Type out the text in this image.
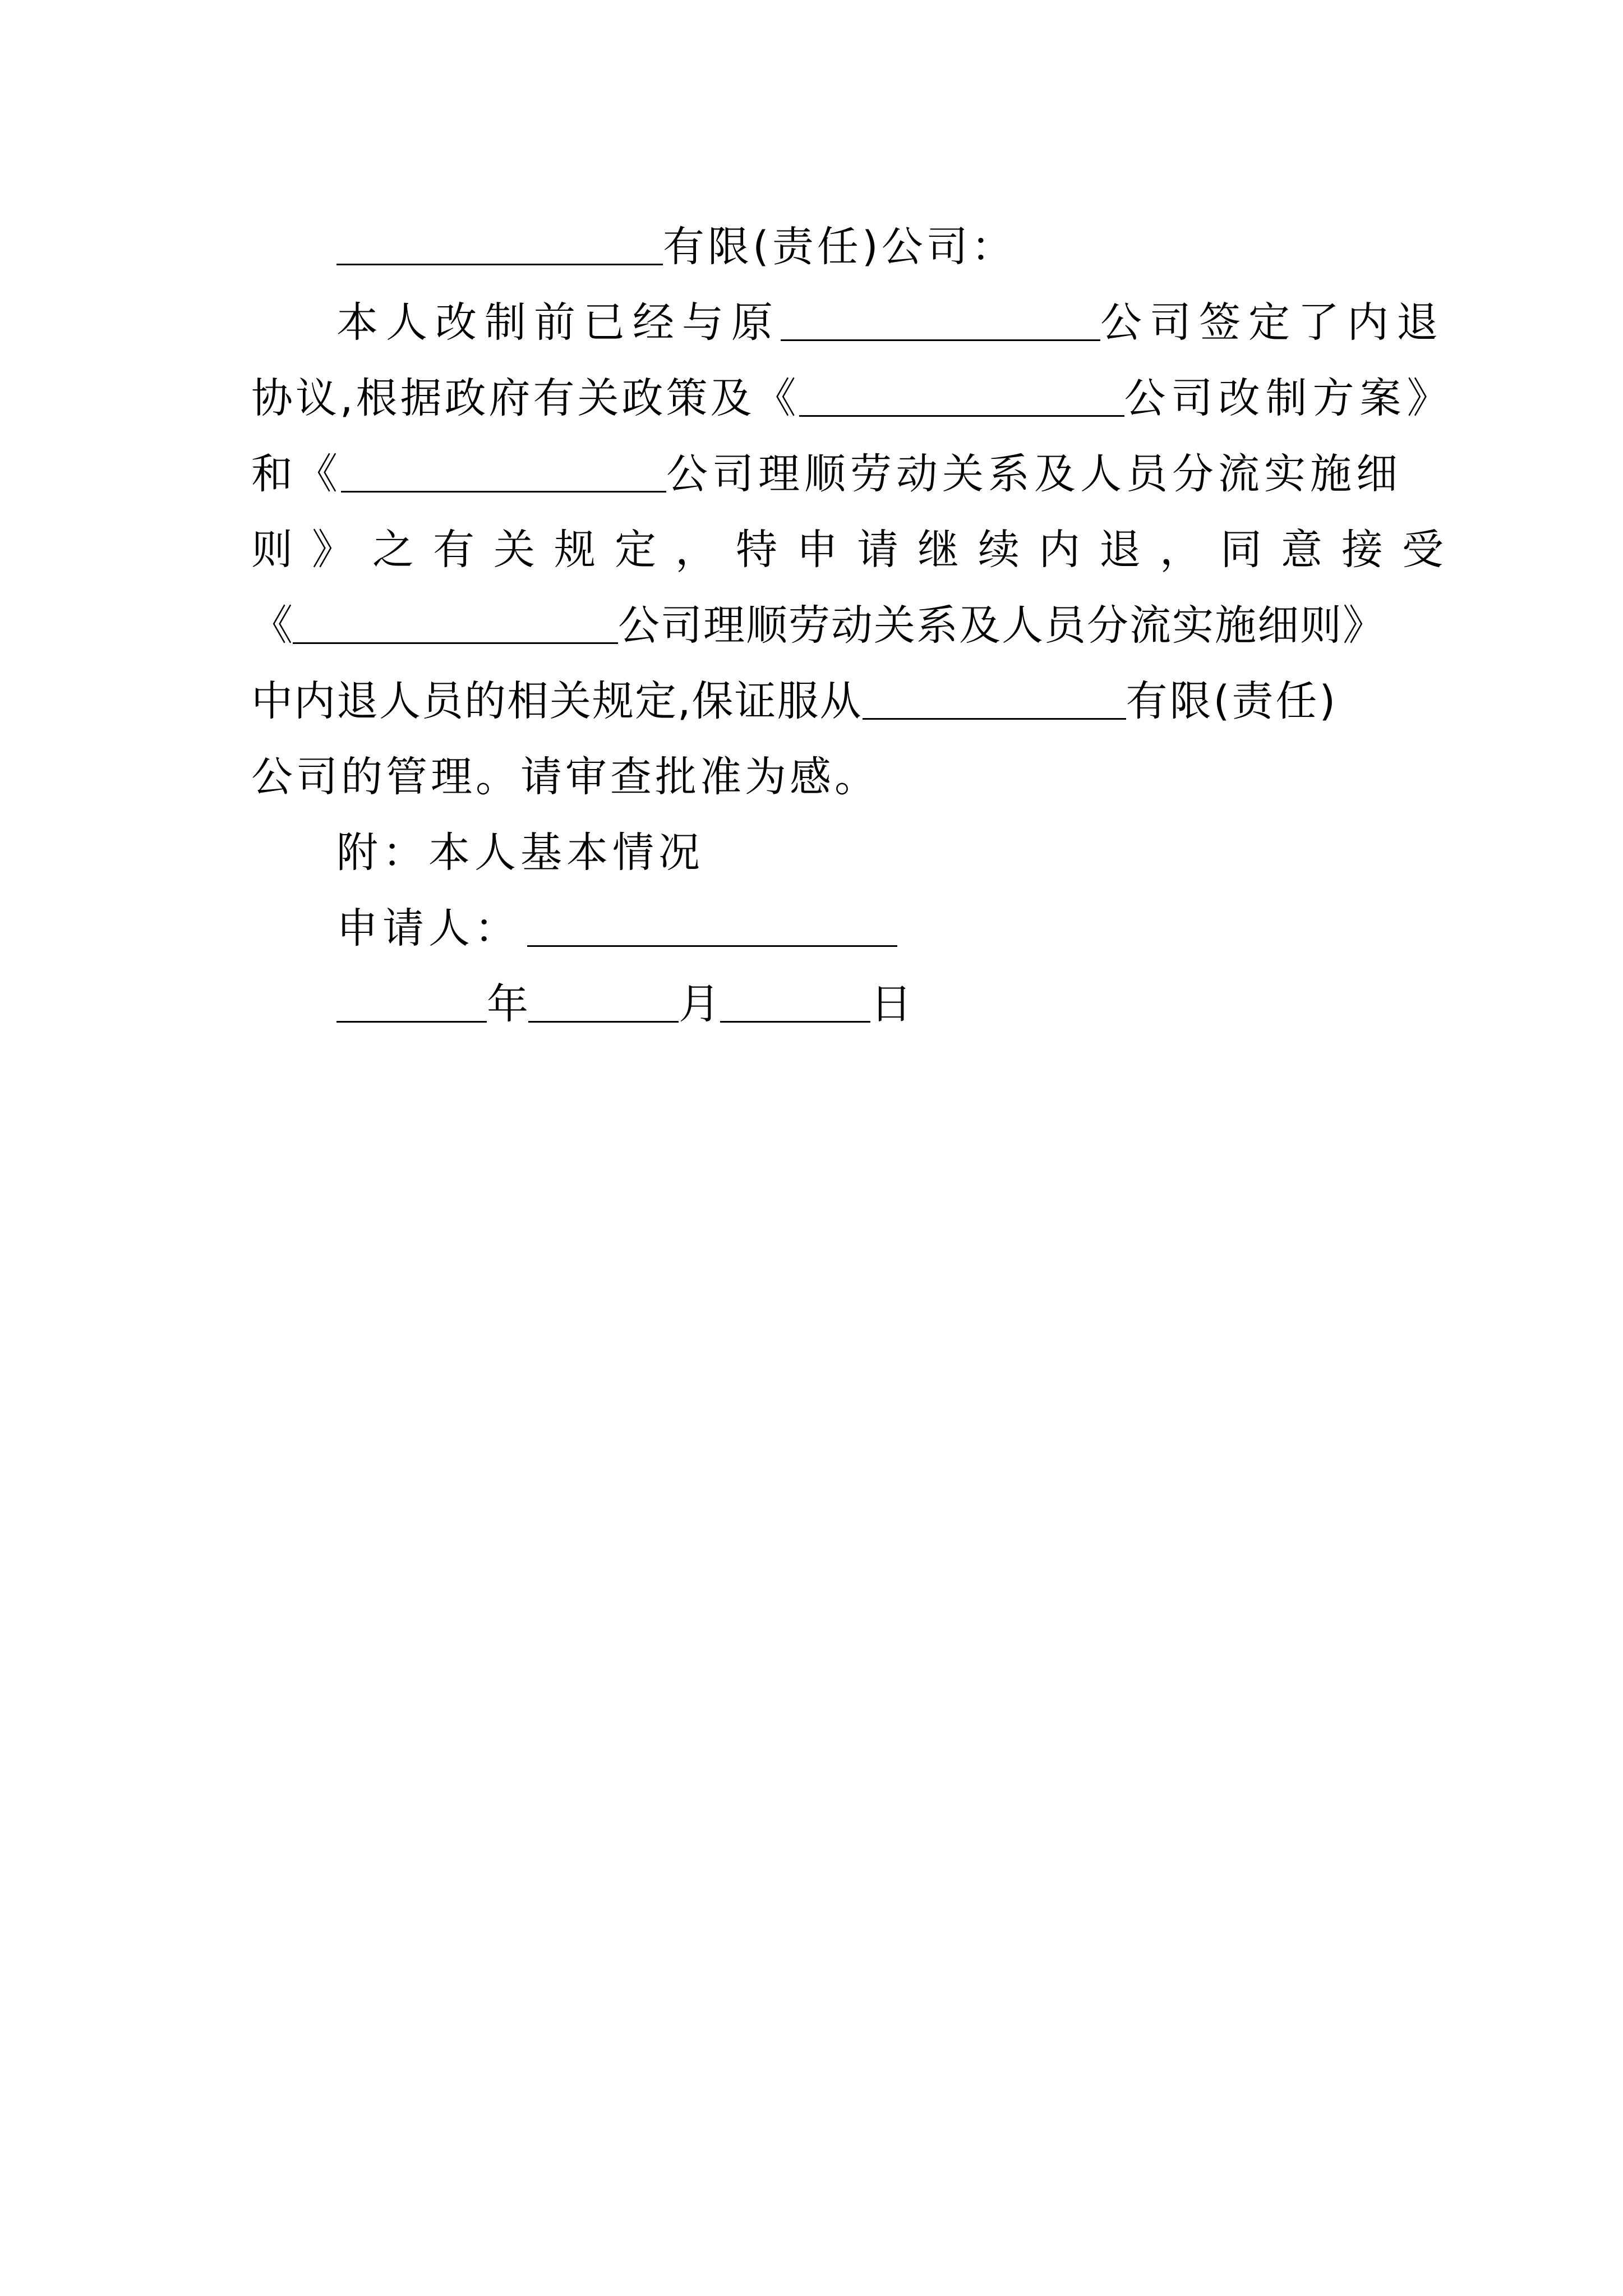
有限(责任)公司：
本人改制前已经与原	公司签定了内退
协议,根据政府有关政策及《	公司改制方案》
和《	公司理顺劳动关系及人员分流实施细
则》之有关规定，特申请继续内退，同意接受
《	公司理顺劳动关系及人员分流实施细则》
中内退人员的相关规定,保证服从	有限(责任)
公司的管理。请审查批准为感。
附：本人基本情况
申请人：
年	月	日
